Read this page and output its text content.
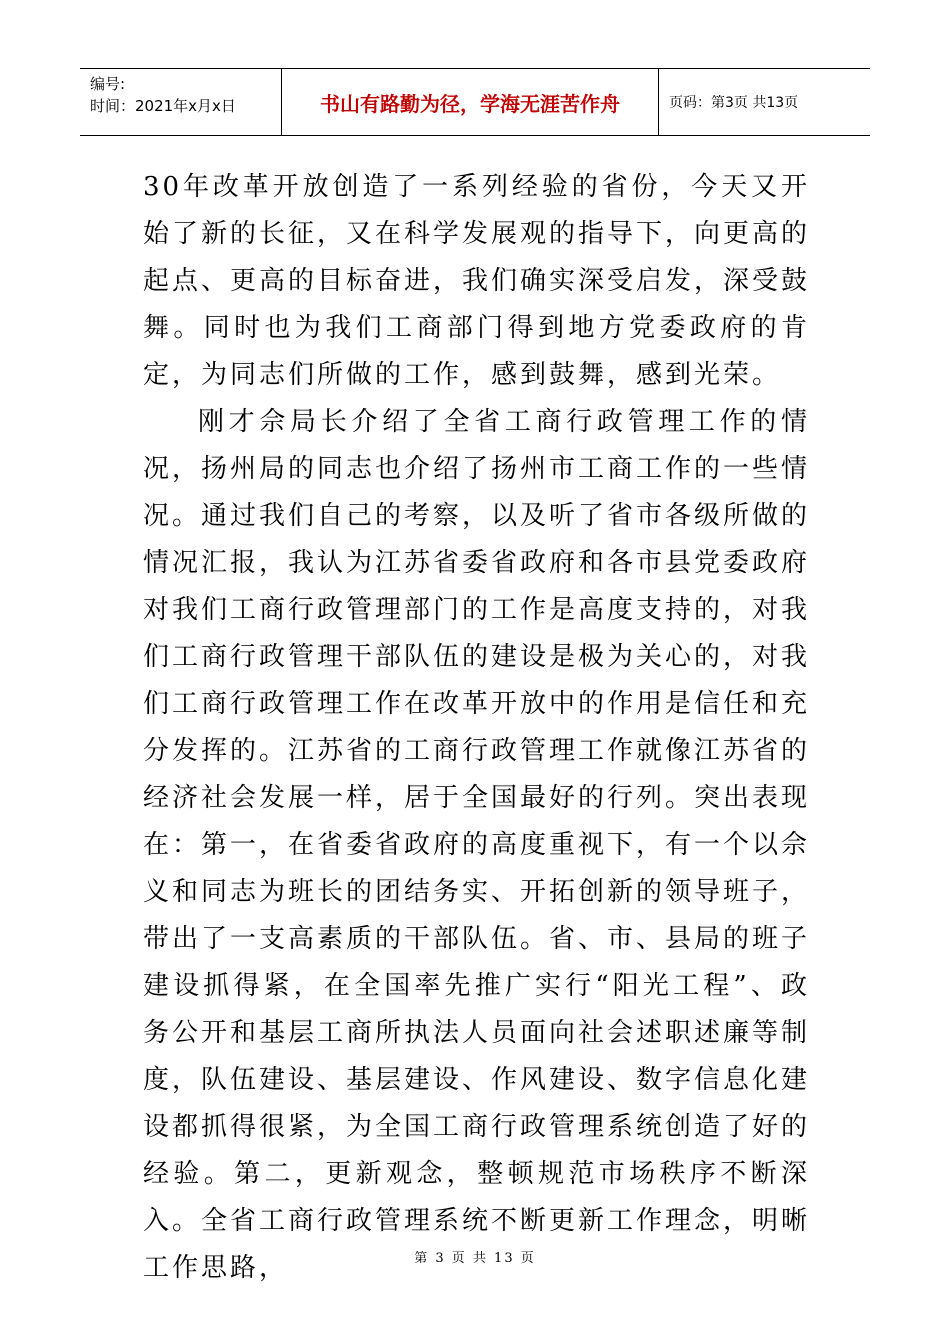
编号:
时间：2021年x月x日	书山有路勤为径，学海无涯苦作舟	页码：第3页 共13页

30年改革开放创造了一系列经验的省份，今天又开始了新的长征，又在科学发展观的指导下，向更高的起点、更高的目标奋进，我们确实深受启发，深受鼓舞。同时也为我们工商部门得到地方党委政府的肯定，为同志们所做的工作，感到鼓舞，感到光荣。

刚才佘局长介绍了全省工商行政管理工作的情况，扬州局的同志也介绍了扬州市工商工作的一些情况。通过我们自己的考察，以及听了省市各级所做的情况汇报，我认为江苏省委省政府和各市县党委政府对我们工商行政管理部门的工作是高度支持的，对我们工商行政管理干部队伍的建设是极为关心的，对我们工商行政管理工作在改革开放中的作用是信任和充分发挥的。江苏省的工商行政管理工作就像江苏省的经济社会发展一样，居于全国最好的行列。突出表现在：第一，在省委省政府的高度重视下，有一个以佘义和同志为班长的团结务实、开拓创新的领导班子，带出了一支高素质的干部队伍。省、市、县局的班子建设抓得紧，在全国率先推广实行“阳光工程”、政务公开和基层工商所执法人员面向社会述职述廉等制度，队伍建设、基层建设、作风建设、数字信息化建设都抓得很紧，为全国工商行政管理系统创造了好的经验。第二，更新观念，整顿规范市场秩序不断深入。全省工商行政管理系统不断更新工作理念，明晰工作思路，	第 3 页 共 13 页
